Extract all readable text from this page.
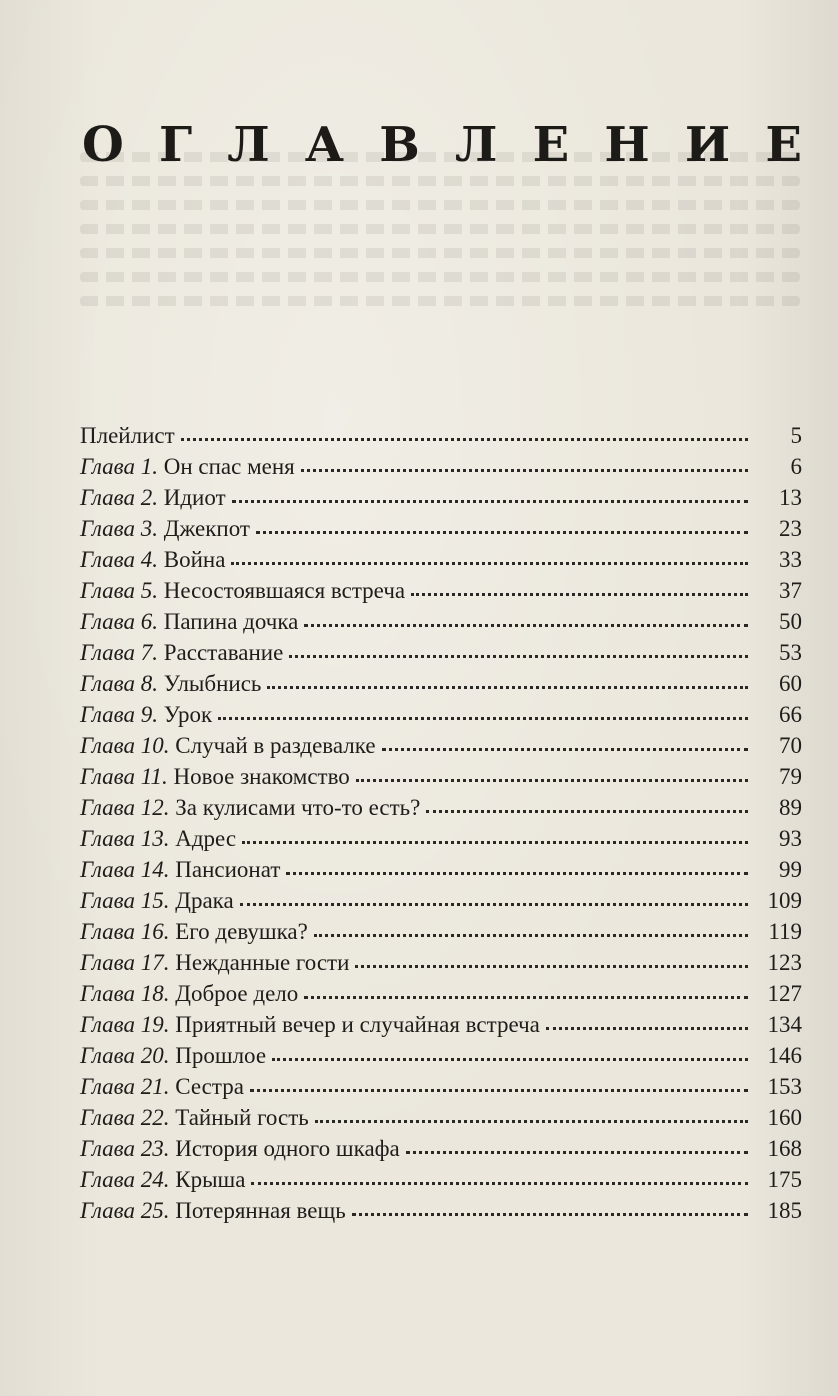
О Г Л А В Л Е Н И Е
Плейлист	5
Глава 1. Он спас меня	6
Глава 2. Идиот	13
Глава 3. Джекпот	23
Глава 4. Война	33
Глава 5. Несостоявшаяся встреча	37
Глава 6. Папина дочка	50
Глава 7. Расставание	53
Глава 8. Улыбнись	60
Глава 9. Урок	66
Глава 10. Случай в раздевалке	70
Глава 11. Новое знакомство	79
Глава 12. За кулисами что-то есть?	89
Глава 13. Адрес	93
Глава 14. Пансионат	99
Глава 15. Драка	109
Глава 16. Его девушка?	119
Глава 17. Нежданные гости	123
Глава 18. Доброе дело	127
Глава 19. Приятный вечер и случайная встреча	134
Глава 20. Прошлое	146
Глава 21. Сестра	153
Глава 22. Тайный гость	160
Глава 23. История одного шкафа	168
Глава 24. Крыша	175
Глава 25. Потерянная вещь	185
